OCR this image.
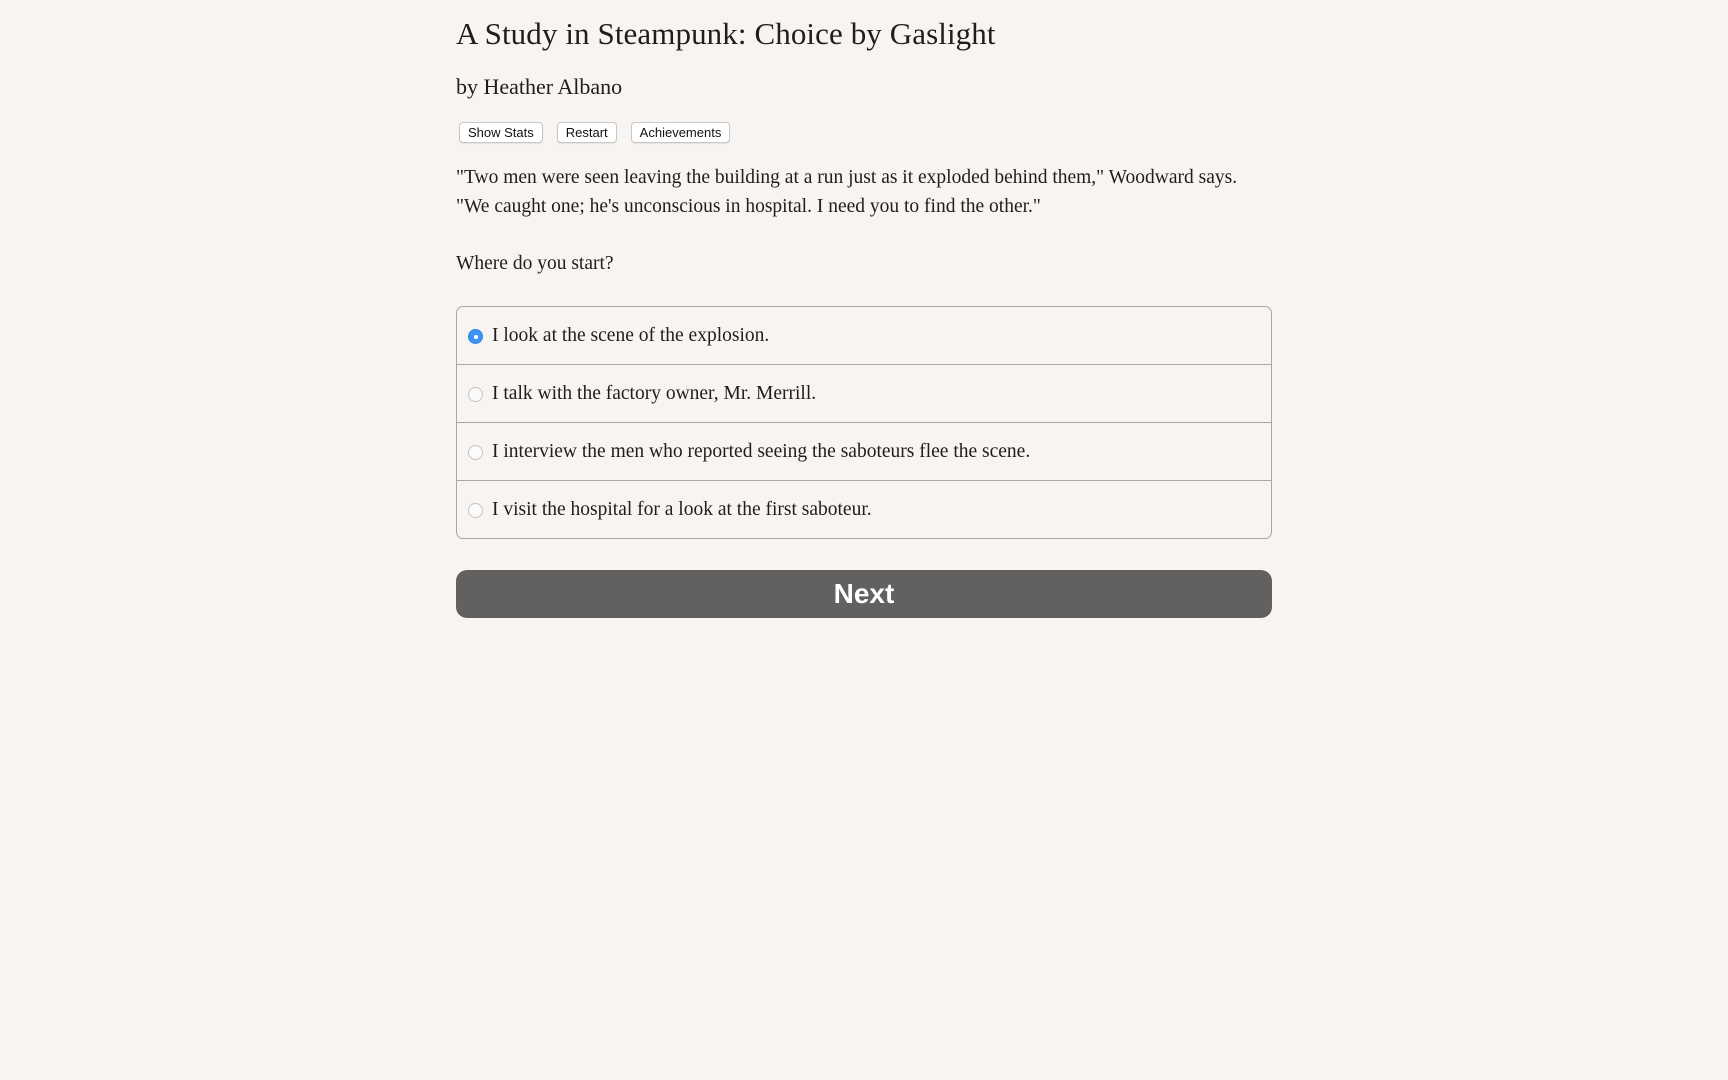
A Study in Steampunk: Choice by Gaslight
by Heather Albano
Show Stats	Restart	Achievements

"Two men were seen leaving the building at a run just as it exploded behind them," Woodward says. "We caught one; he's unconscious in hospital. I need you to find the other."

Where do you start?

I look at the scene of the explosion.
I talk with the factory owner, Mr. Merrill.
I interview the men who reported seeing the saboteurs flee the scene.
I visit the hospital for a look at the first saboteur.
Next
